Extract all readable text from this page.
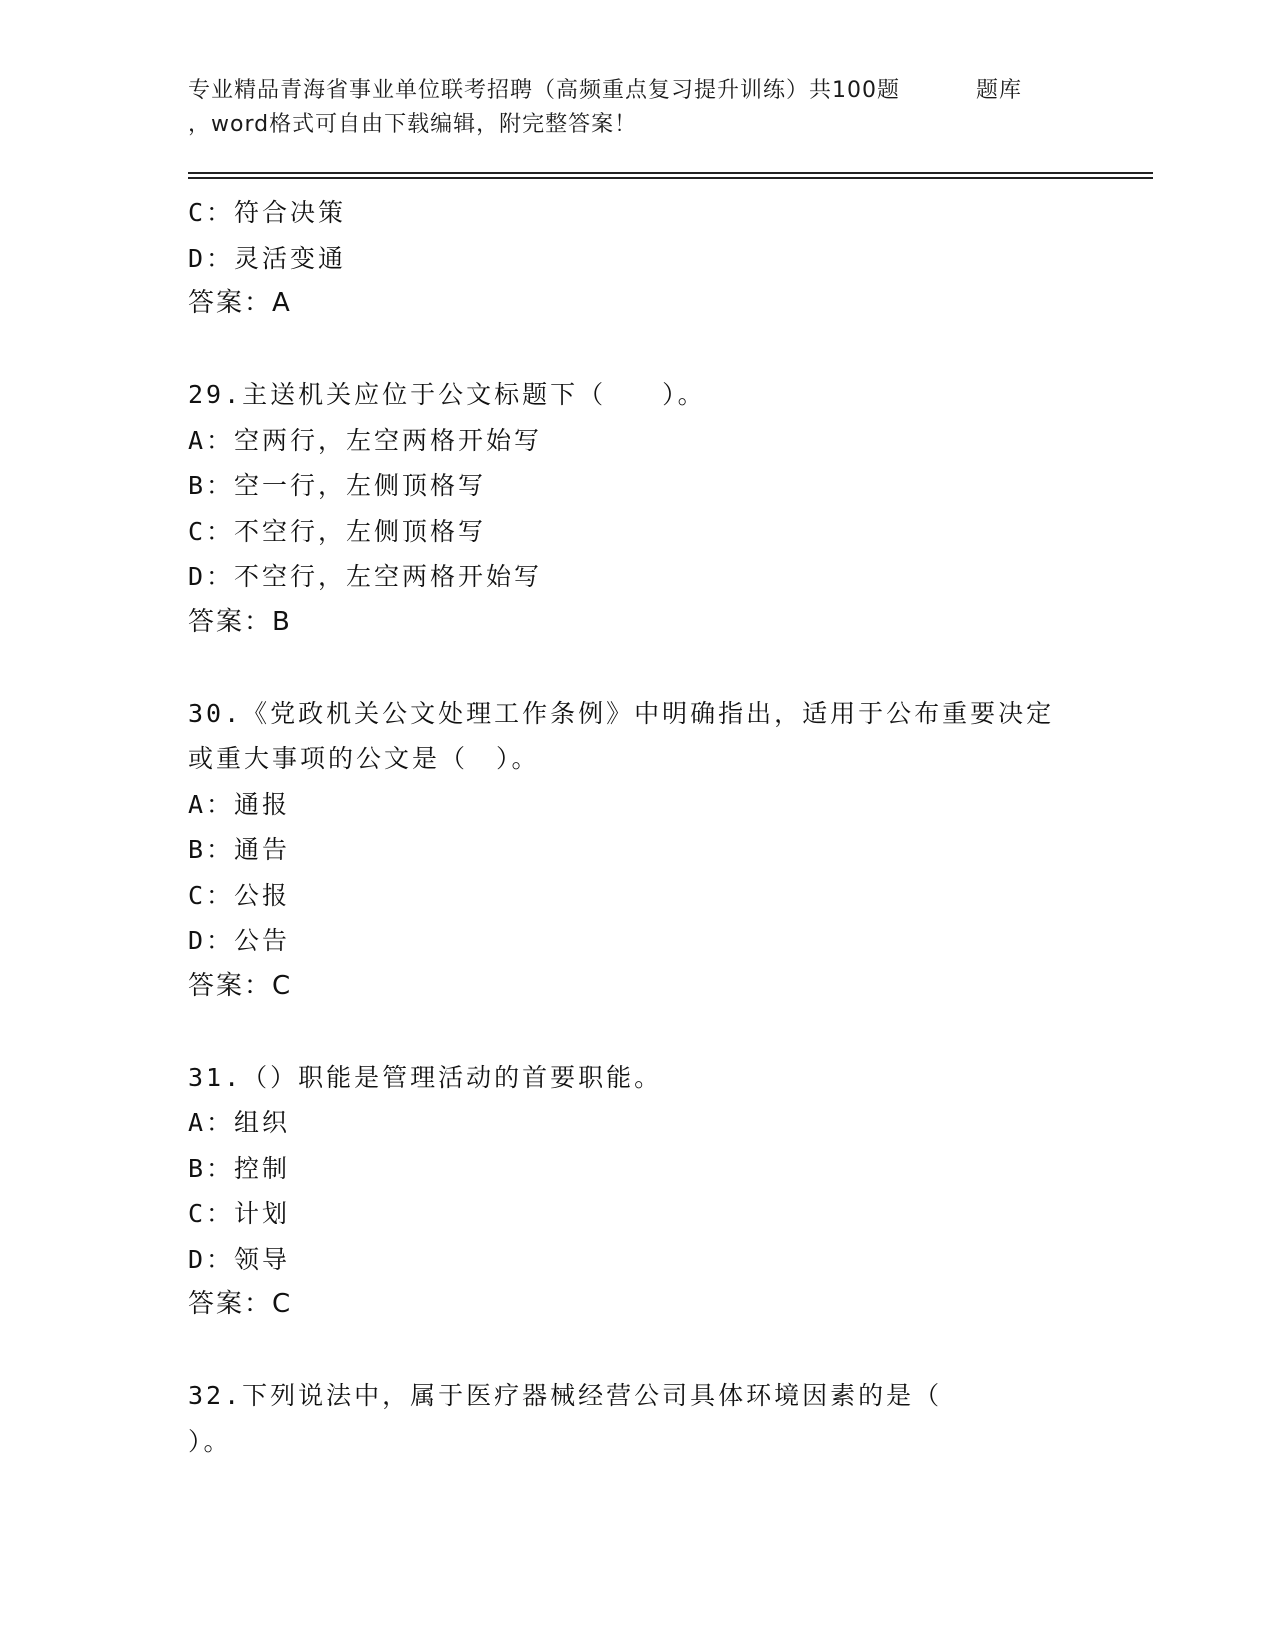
专业精品青海省事业单位联考招聘（高频重点复习提升训练）共100题	题库
，word格式可自由下载编辑，附完整答案！
C：符合决策
D：灵活变通
答案：A
29.主送机关应位于公文标题下（　　）。
A：空两行，左空两格开始写
B：空一行，左侧顶格写
C：不空行，左侧顶格写
D：不空行，左空两格开始写
答案：B
30.《党政机关公文处理工作条例》中明确指出，适用于公布重要决定
或重大事项的公文是（　）。
A：通报
B：通告
C：公报
D：公告
答案：C
31.（）职能是管理活动的首要职能。
A：组织
B：控制
C：计划
D：领导
答案：C
32.下列说法中，属于医疗器械经营公司具体环境因素的是（
）。
